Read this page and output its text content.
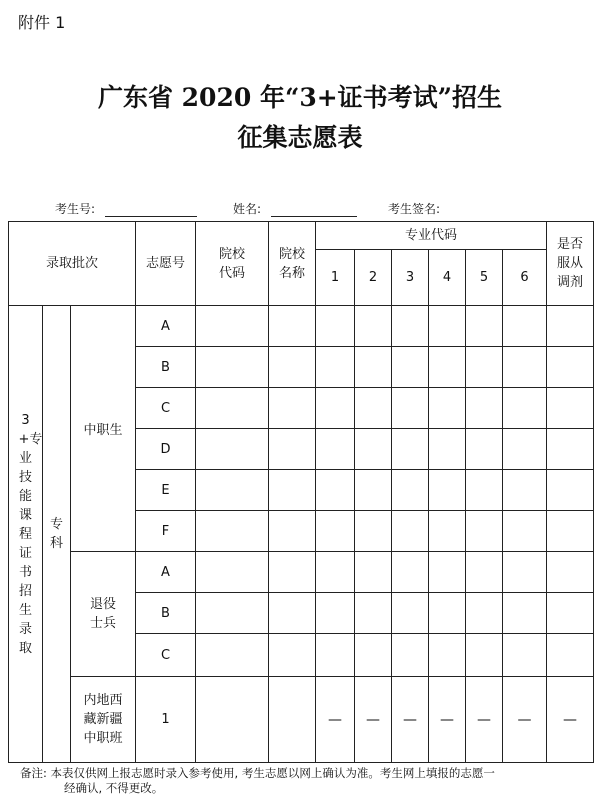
附件 1
广东省 2020 年“3+证书考试”招生
征集志愿表
考生号:	姓名:	考生签名:
录取批次			志愿号	院校代码	院校名称	专业代码						是否服从调剂
						1	2	3	4	5	6	
3+专业技能课程证书招生录取	专科	中职生	A									
			B									
			C									
			D									
			E									
			F									
		退役士兵	A									
			B									
			C									
		内地西藏新疆中职班	1			—	—	—	—	—	—	—
备注: 本表仅供网上报志愿时录入参考使用, 考生志愿以网上确认为准。考生网上填报的志愿一
经确认, 不得更改。
